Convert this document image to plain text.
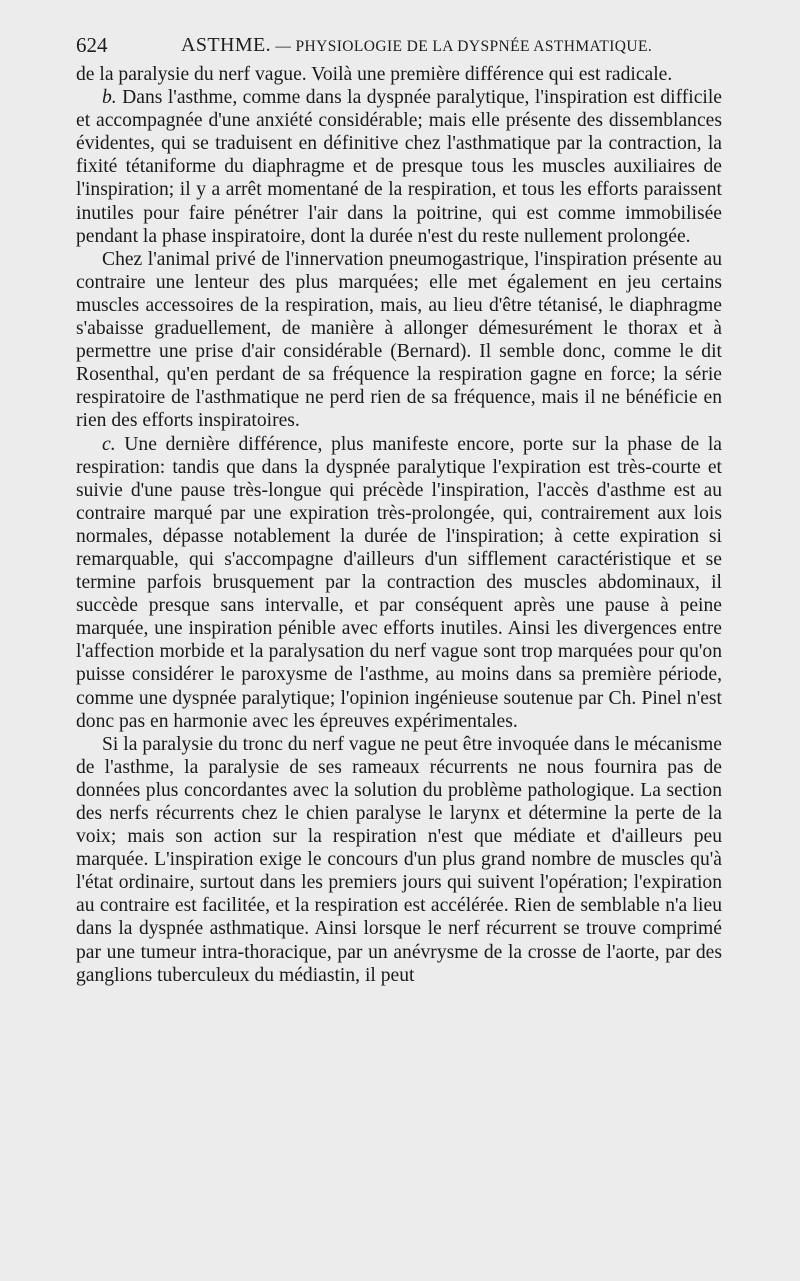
624	ASTHME. — PHYSIOLOGIE DE LA DYSPNÉE ASTHMATIQUE.

de la paralysie du nerf vague. Voilà une première différence qui est radicale.

b. Dans l'asthme, comme dans la dyspnée paralytique, l'inspiration est difficile et accompagnée d'une anxiété considérable; mais elle présente des dissemblances évidentes, qui se traduisent en définitive chez l'asthmatique par la contraction, la fixité tétaniforme du diaphragme et de presque tous les muscles auxiliaires de l'inspiration; il y a arrêt momentané de la respiration, et tous les efforts paraissent inutiles pour faire pénétrer l'air dans la poitrine, qui est comme immobilisée pendant la phase inspiratoire, dont la durée n'est du reste nullement prolongée.

Chez l'animal privé de l'innervation pneumogastrique, l'inspiration présente au contraire une lenteur des plus marquées; elle met également en jeu certains muscles accessoires de la respiration, mais, au lieu d'être tétanisé, le diaphragme s'abaisse graduellement, de manière à allonger démesurément le thorax et à permettre une prise d'air considérable (Bernard). Il semble donc, comme le dit Rosenthal, qu'en perdant de sa fréquence la respiration gagne en force; la série respiratoire de l'asthmatique ne perd rien de sa fréquence, mais il ne bénéficie en rien des efforts inspiratoires.

c. Une dernière différence, plus manifeste encore, porte sur la phase de la respiration: tandis que dans la dyspnée paralytique l'expiration est très-courte et suivie d'une pause très-longue qui précède l'inspiration, l'accès d'asthme est au contraire marqué par une expiration très-prolongée, qui, contrairement aux lois normales, dépasse notablement la durée de l'inspiration; à cette expiration si remarquable, qui s'accompagne d'ailleurs d'un sifflement caractéristique et se termine parfois brusquement par la contraction des muscles abdominaux, il succède presque sans intervalle, et par conséquent après une pause à peine marquée, une inspiration pénible avec efforts inutiles. Ainsi les divergences entre l'affection morbide et la paralysation du nerf vague sont trop marquées pour qu'on puisse considérer le paroxysme de l'asthme, au moins dans sa première période, comme une dyspnée paralytique; l'opinion ingénieuse soutenue par Ch. Pinel n'est donc pas en harmonie avec les épreuves expérimentales.

Si la paralysie du tronc du nerf vague ne peut être invoquée dans le mécanisme de l'asthme, la paralysie de ses rameaux récurrents ne nous fournira pas de données plus concordantes avec la solution du problème pathologique. La section des nerfs récurrents chez le chien paralyse le larynx et détermine la perte de la voix; mais son action sur la respiration n'est que médiate et d'ailleurs peu marquée. L'inspiration exige le concours d'un plus grand nombre de muscles qu'à l'état ordinaire, surtout dans les premiers jours qui suivent l'opération; l'expiration au contraire est facilitée, et la respiration est accélérée. Rien de semblable n'a lieu dans la dyspnée asthmatique. Ainsi lorsque le nerf récurrent se trouve comprimé par une tumeur intra-thoracique, par un anévrysme de la crosse de l'aorte, par des ganglions tuberculeux du médiastin, il peut
